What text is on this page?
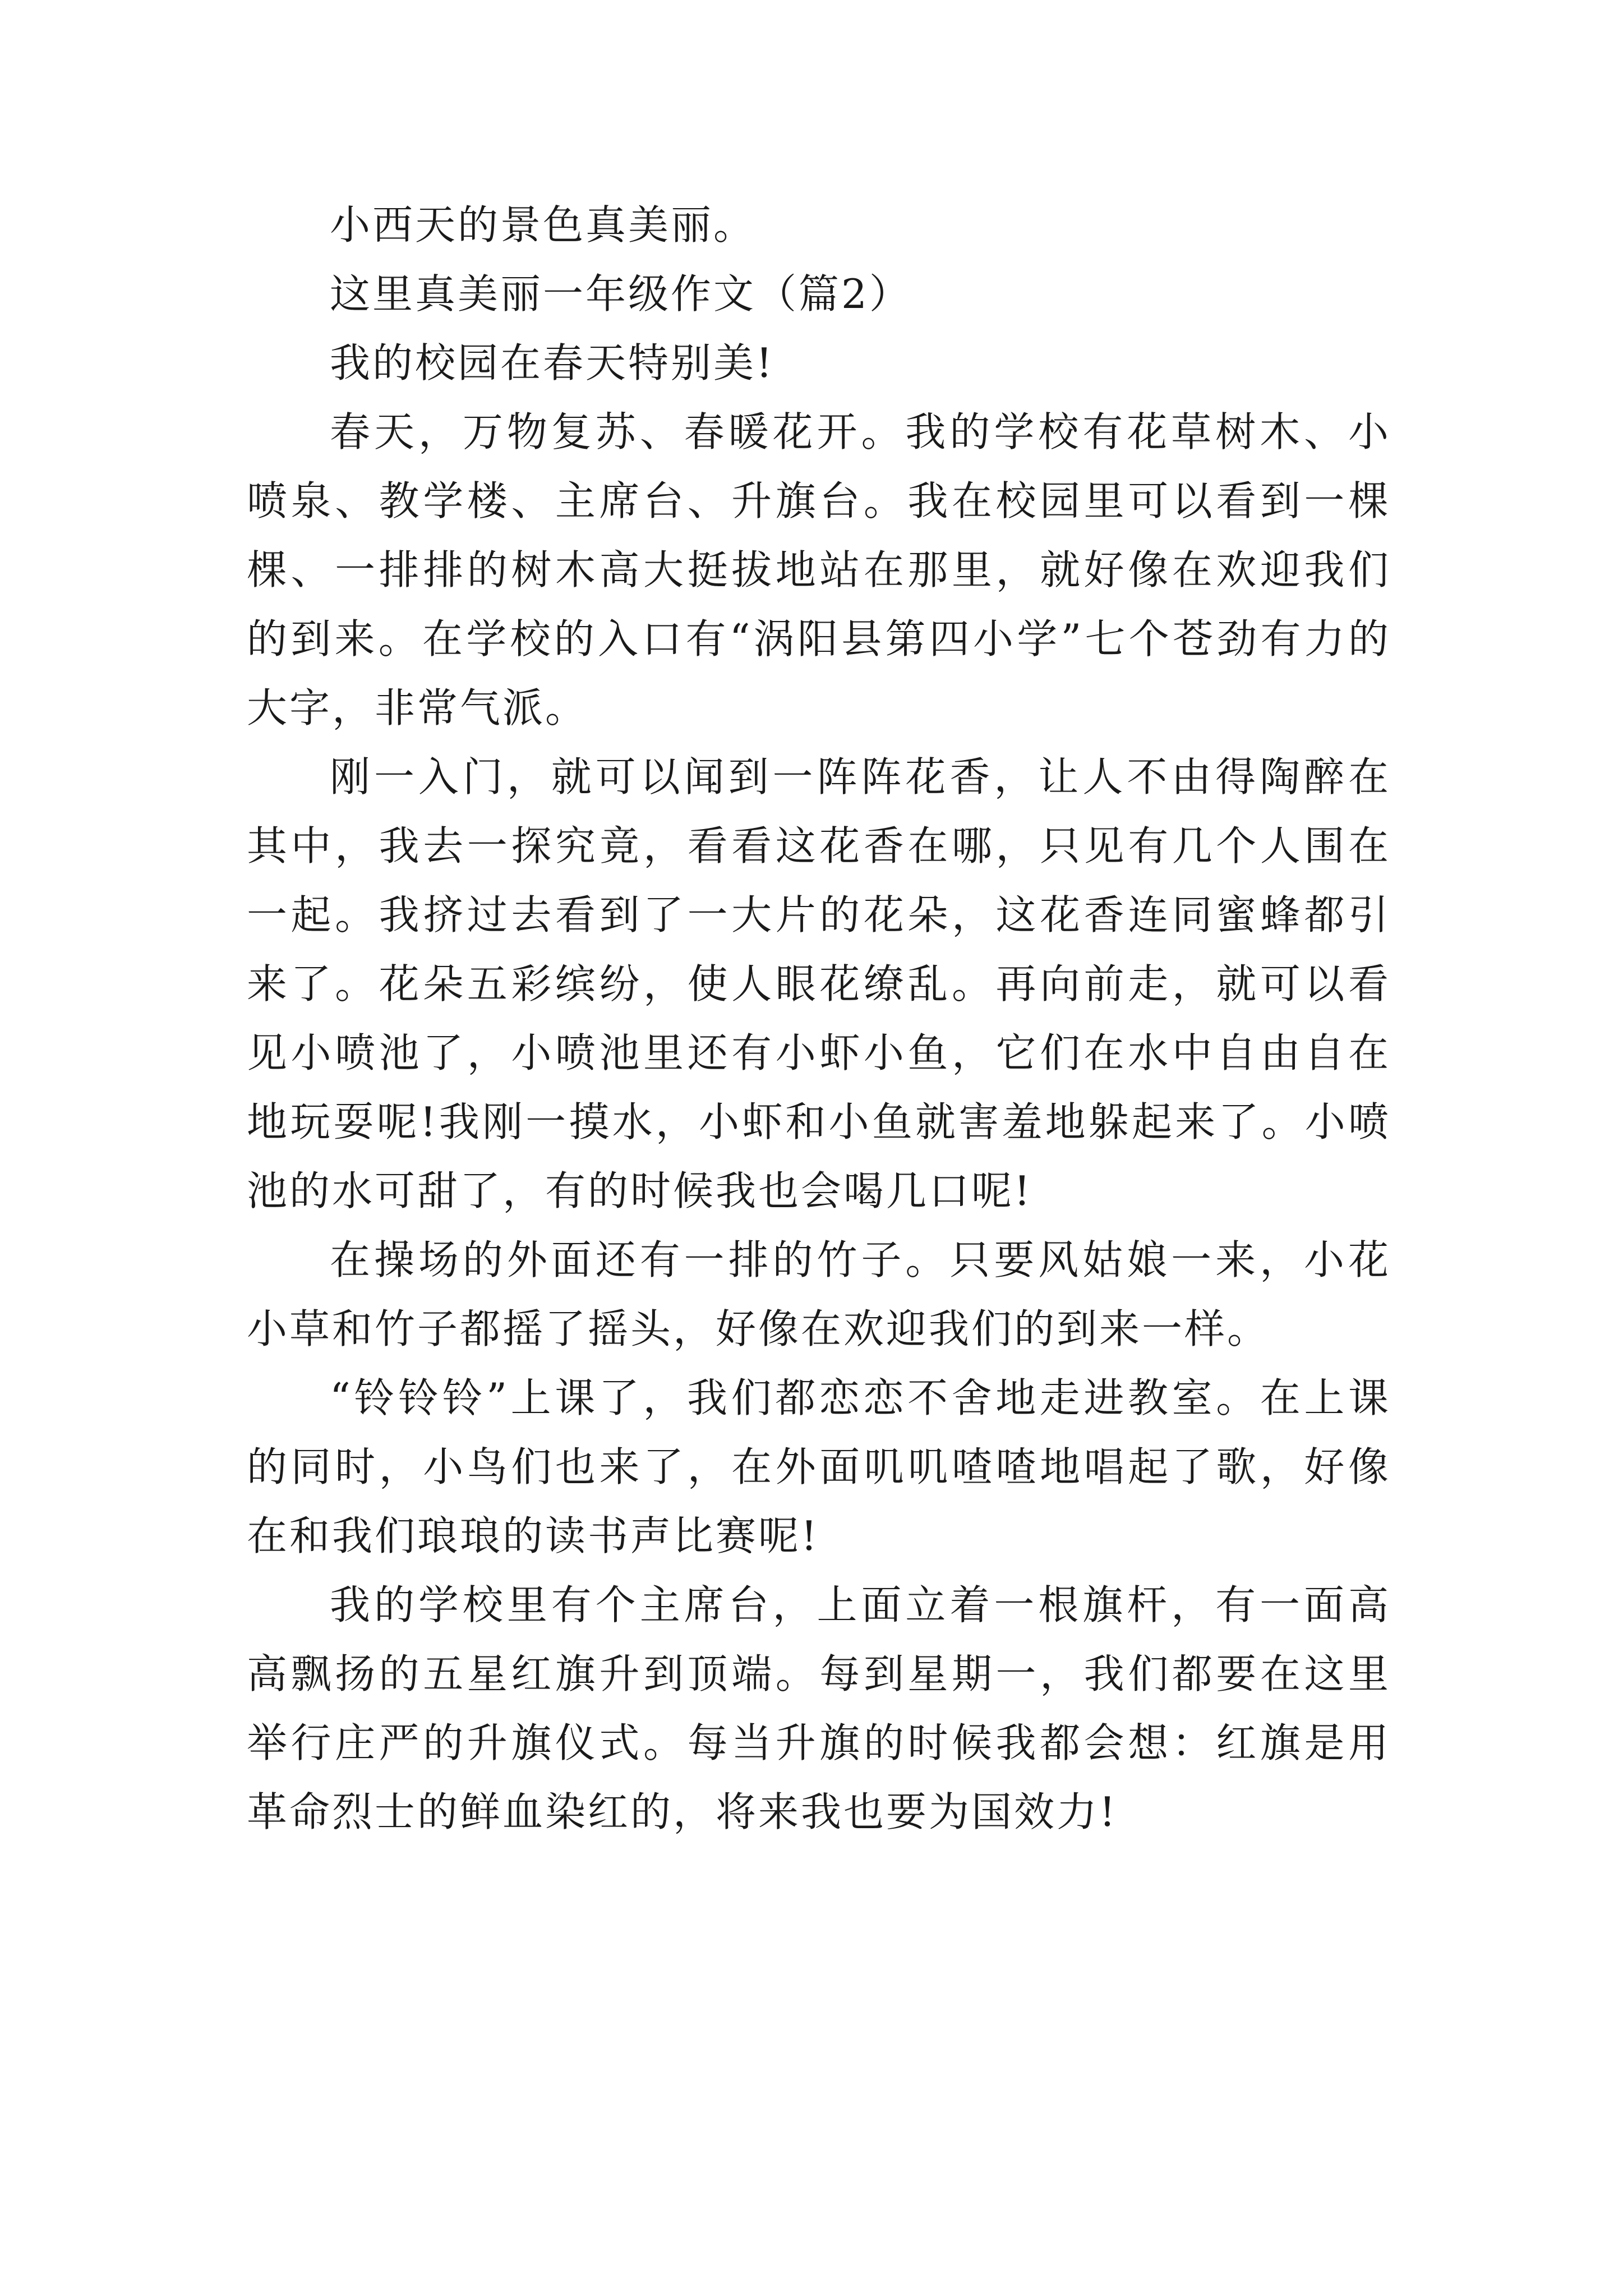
小西天的景色真美丽。

这里真美丽一年级作文（篇2）

我的校园在春天特别美!

春天，万物复苏、春暖花开。我的学校有花草树木、小喷泉、教学楼、主席台、升旗台。我在校园里可以看到一棵棵、一排排的树木高大挺拔地站在那里，就好像在欢迎我们的到来。在学校的入口有“涡阳县第四小学”七个苍劲有力的大字，非常气派。

刚一入门，就可以闻到一阵阵花香，让人不由得陶醉在其中，我去一探究竟，看看这花香在哪，只见有几个人围在一起。我挤过去看到了一大片的花朵，这花香连同蜜蜂都引来了。花朵五彩缤纷，使人眼花缭乱。再向前走，就可以看见小喷池了，小喷池里还有小虾小鱼，它们在水中自由自在地玩耍呢!我刚一摸水，小虾和小鱼就害羞地躲起来了。小喷池的水可甜了，有的时候我也会喝几口呢!

在操场的外面还有一排的竹子。只要风姑娘一来，小花小草和竹子都摇了摇头，好像在欢迎我们的到来一样。

“铃铃铃”上课了，我们都恋恋不舍地走进教室。在上课的同时，小鸟们也来了，在外面叽叽喳喳地唱起了歌，好像在和我们琅琅的读书声比赛呢!

我的学校里有个主席台，上面立着一根旗杆，有一面高高飘扬的五星红旗升到顶端。每到星期一，我们都要在这里举行庄严的升旗仪式。每当升旗的时候我都会想：红旗是用革命烈士的鲜血染红的，将来我也要为国效力!
